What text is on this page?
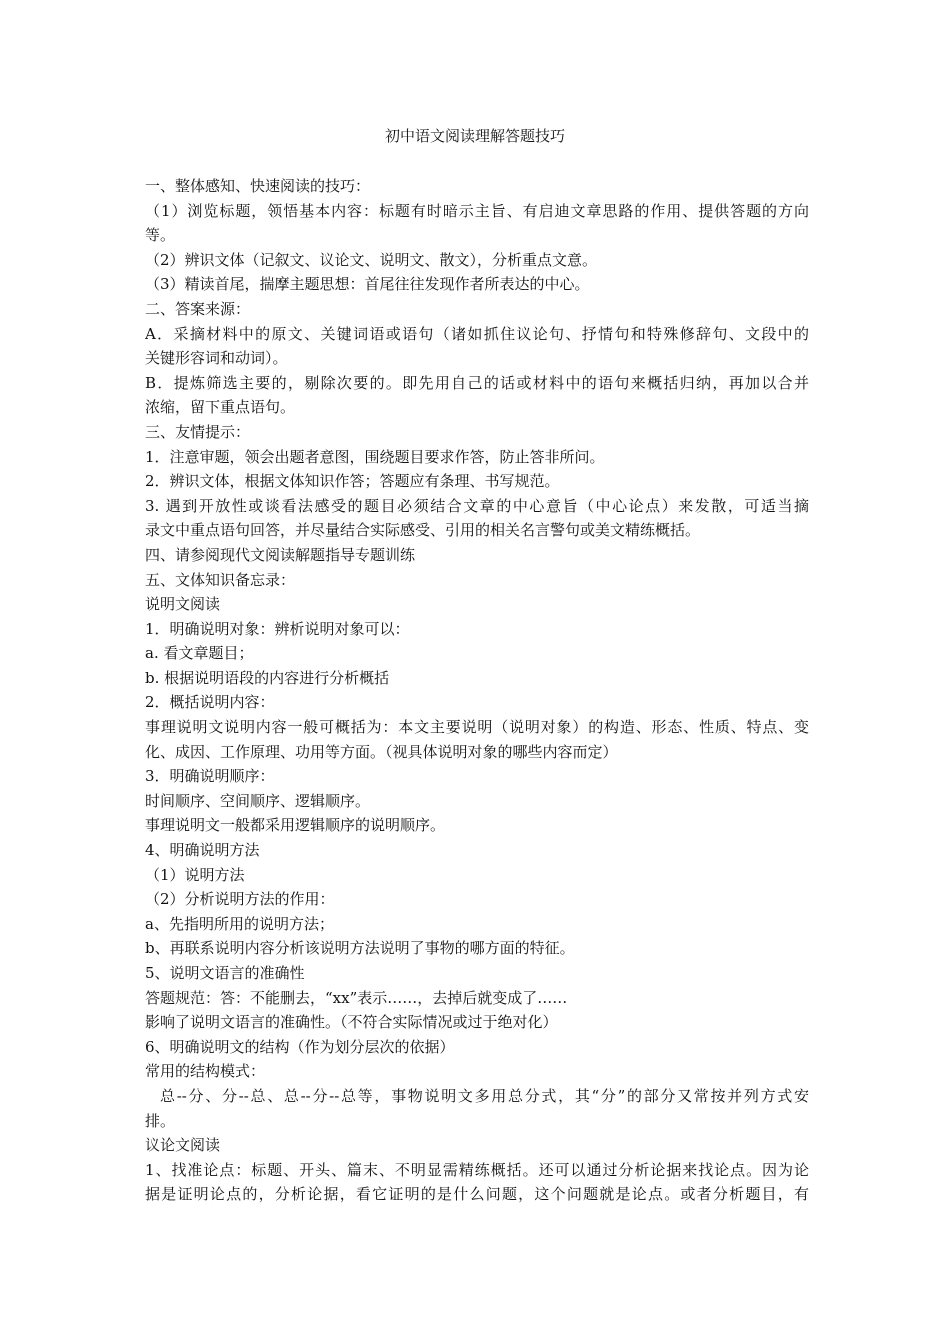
初中语文阅读理解答题技巧
一、整体感知、快速阅读的技巧：
（1）浏览标题，领悟基本内容：标题有时暗示主旨、有启迪文章思路的作用、提供答题的方向
等。
（2）辨识文体（记叙文、议论文、说明文、散文），分析重点文意。
（3）精读首尾，揣摩主题思想：首尾往往发现作者所表达的中心。
二、答案来源：
A．采摘材料中的原文、关键词语或语句（诸如抓住议论句、抒情句和特殊修辞句、文段中的
关键形容词和动词）。
B．提炼筛选主要的，剔除次要的。即先用自己的话或材料中的语句来概括归纳，再加以合并
浓缩，留下重点语句。
三、友情提示：
1．注意审题，领会出题者意图，围绕题目要求作答，防止答非所问。
2．辨识文体，根据文体知识作答；答题应有条理、书写规范。
3. 遇到开放性或谈看法感受的题目必须结合文章的中心意旨（中心论点）来发散，可适当摘
录文中重点语句回答，并尽量结合实际感受、引用的相关名言警句或美文精练概括。
四、请参阅现代文阅读解题指导专题训练
五、文体知识备忘录：
说明文阅读
1．明确说明对象：辨析说明对象可以：
a. 看文章题目；
b. 根据说明语段的内容进行分析概括
2．概括说明内容：
事理说明文说明内容一般可概括为：本文主要说明（说明对象）的构造、形态、性质、特点、变
化、成因、工作原理、功用等方面。（视具体说明对象的哪些内容而定）
3．明确说明顺序：
时间顺序、空间顺序、逻辑顺序。
事理说明文一般都采用逻辑顺序的说明顺序。
4、明确说明方法
（1）说明方法
（2）分析说明方法的作用：
a、先指明所用的说明方法；
b、再联系说明内容分析该说明方法说明了事物的哪方面的特征。
5、说明文语言的准确性
答题规范：答：不能删去，“xx”表示……，去掉后就变成了……
影响了说明文语言的准确性。（不符合实际情况或过于绝对化）
6、明确说明文的结构（作为划分层次的依据）
常用的结构模式：
总--分、分--总、总--分--总等，事物说明文多用总分式，其“分”的部分又常按并列方式安
排。
议论文阅读
1、找准论点：标题、开头、篇末、不明显需精练概括。还可以通过分析论据来找论点。因为论
据是证明论点的，分析论据，看它证明的是什么问题，这个问题就是论点。或者分析题目，有
